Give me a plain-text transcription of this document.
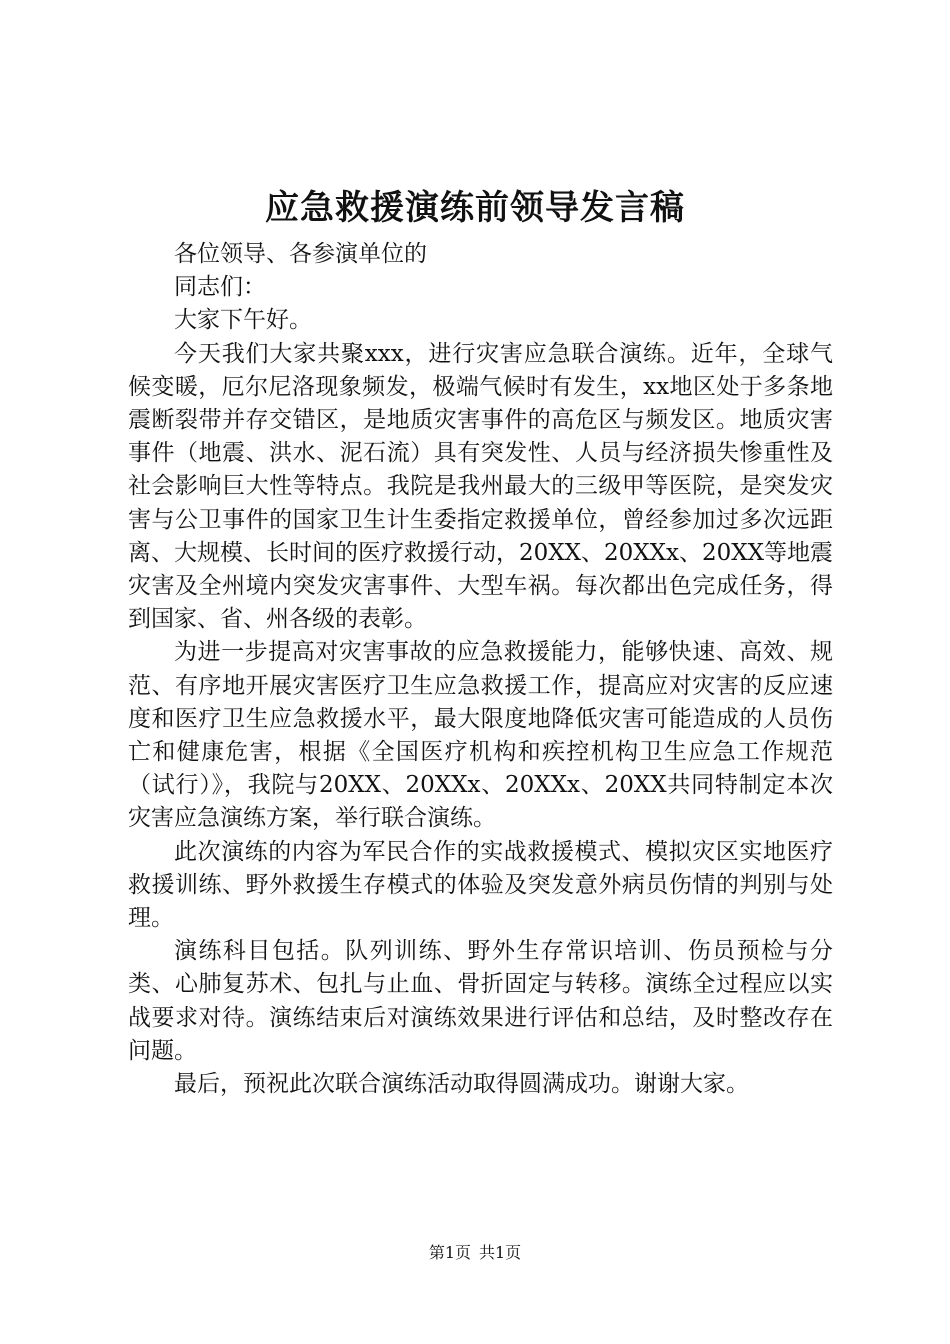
应急救援演练前领导发言稿

各位领导、各参演单位的

同志们：

大家下午好。

今天我们大家共聚xxx，进行灾害应急联合演练。近年，全球气候变暖，厄尔尼洛现象频发，极端气候时有发生，xx地区处于多条地震断裂带并存交错区，是地质灾害事件的高危区与频发区。地质灾害事件（地震、洪水、泥石流）具有突发性、人员与经济损失惨重性及社会影响巨大性等特点。我院是我州最大的三级甲等医院，是突发灾害与公卫事件的国家卫生计生委指定救援单位，曾经参加过多次远距离、大规模、长时间的医疗救援行动，20XX、20XXx、20XX等地震灾害及全州境内突发灾害事件、大型车祸。每次都出色完成任务，得到国家、省、州各级的表彰。

为进一步提高对灾害事故的应急救援能力，能够快速、高效、规范、有序地开展灾害医疗卫生应急救援工作，提高应对灾害的反应速度和医疗卫生应急救援水平，最大限度地降低灾害可能造成的人员伤亡和健康危害，根据《全国医疗机构和疾控机构卫生应急工作规范（试行）》，我院与20XX、20XXx、20XXx、20XX共同特制定本次灾害应急演练方案，举行联合演练。

此次演练的内容为军民合作的实战救援模式、模拟灾区实地医疗救援训练、野外救援生存模式的体验及突发意外病员伤情的判别与处理。

演练科目包括。队列训练、野外生存常识培训、伤员预检与分类、心肺复苏术、包扎与止血、骨折固定与转移。演练全过程应以实战要求对待。演练结束后对演练效果进行评估和总结，及时整改存在问题。

最后，预祝此次联合演练活动取得圆满成功。谢谢大家。

第1页 共1页
